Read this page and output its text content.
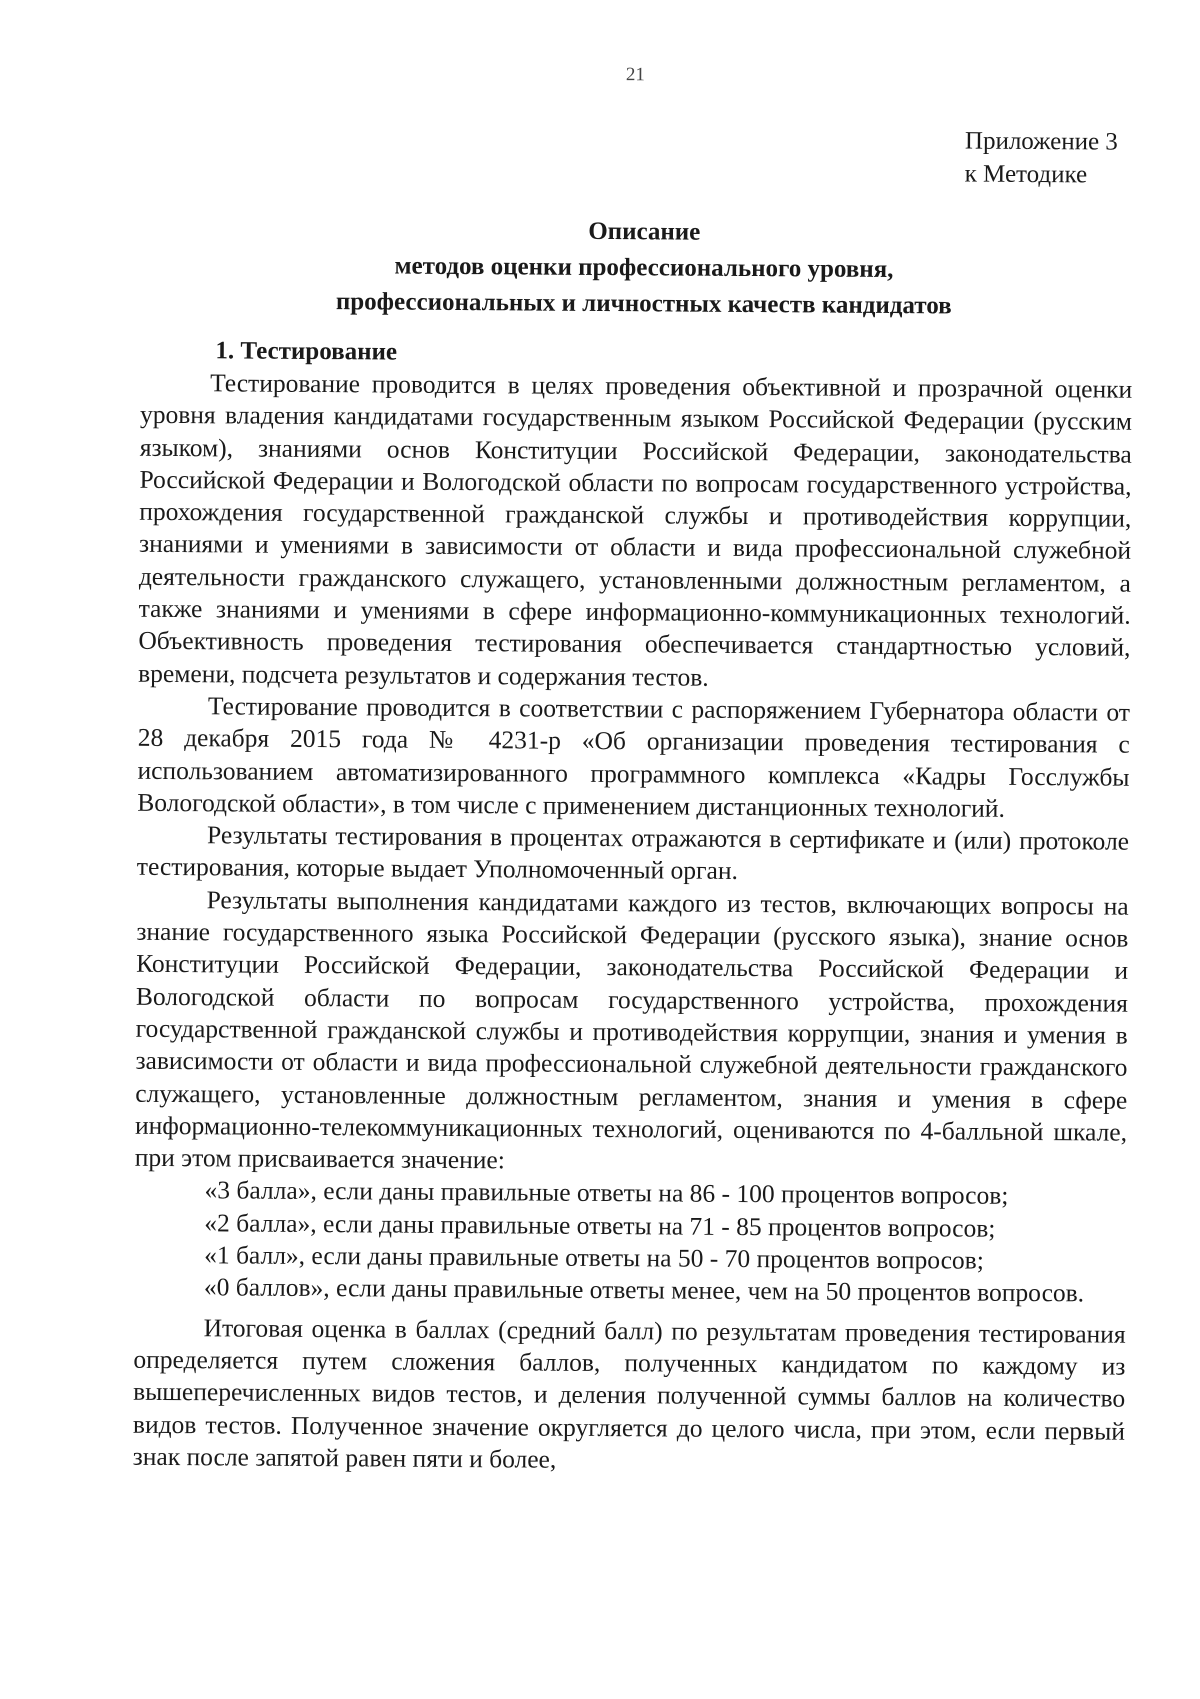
21
Приложение 3
к Методике
Описание
методов оценки профессионального уровня,
профессиональных и личностных качеств кандидатов
1. Тестирование

Тестирование проводится в целях проведения объективной и прозрачной оценки уровня владения кандидатами государственным языком Российской Федерации (русским языком), знаниями основ Конституции Российской Федерации, законодательства Российской Федерации и Вологодской области по вопросам государственного устройства, прохождения государственной гражданской службы и противодействия коррупции, знаниями и умениями в зависимости от области и вида профессиональной служебной деятельности гражданского служащего, установленными должностным регламентом, а также знаниями и умениями в сфере информационно-коммуникационных технологий. Объективность проведения тестирования обеспечивается стандартностью условий, времени, подсчета результатов и содержания тестов.

Тестирование проводится в соответствии с распоряжением Губернатора области от 28 декабря 2015 года № 4231-р «Об организации проведения тестирования с использованием автоматизированного программного комплекса «Кадры Госслужбы Вологодской области», в том числе с применением дистанционных технологий.

Результаты тестирования в процентах отражаются в сертификате и (или) протоколе тестирования, которые выдает Уполномоченный орган.

Результаты выполнения кандидатами каждого из тестов, включающих вопросы на знание государственного языка Российской Федерации (русского языка), знание основ Конституции Российской Федерации, законодательства Российской Федерации и Вологодской области по вопросам государственного устройства, прохождения государственной гражданской службы и противодействия коррупции, знания и умения в зависимости от области и вида профессиональной служебной деятельности гражданского служащего, установленные должностным регламентом, знания и умения в сфере информационно-телекоммуникационных технологий, оцениваются по 4-балльной шкале, при этом присваивается значение:

«3 балла», если даны правильные ответы на 86 - 100 процентов вопросов;

«2 балла», если даны правильные ответы на 71 - 85 процентов вопросов;

«1 балл», если даны правильные ответы на 50 - 70 процентов вопросов;

«0 баллов», если даны правильные ответы менее, чем на 50 процентов вопросов.

Итоговая оценка в баллах (средний балл) по результатам проведения тестирования определяется путем сложения баллов, полученных кандидатом по каждому из вышеперечисленных видов тестов, и деления полученной суммы баллов на количество видов тестов. Полученное значение округляется до целого числа, при этом, если первый знак после запятой равен пяти и более,
